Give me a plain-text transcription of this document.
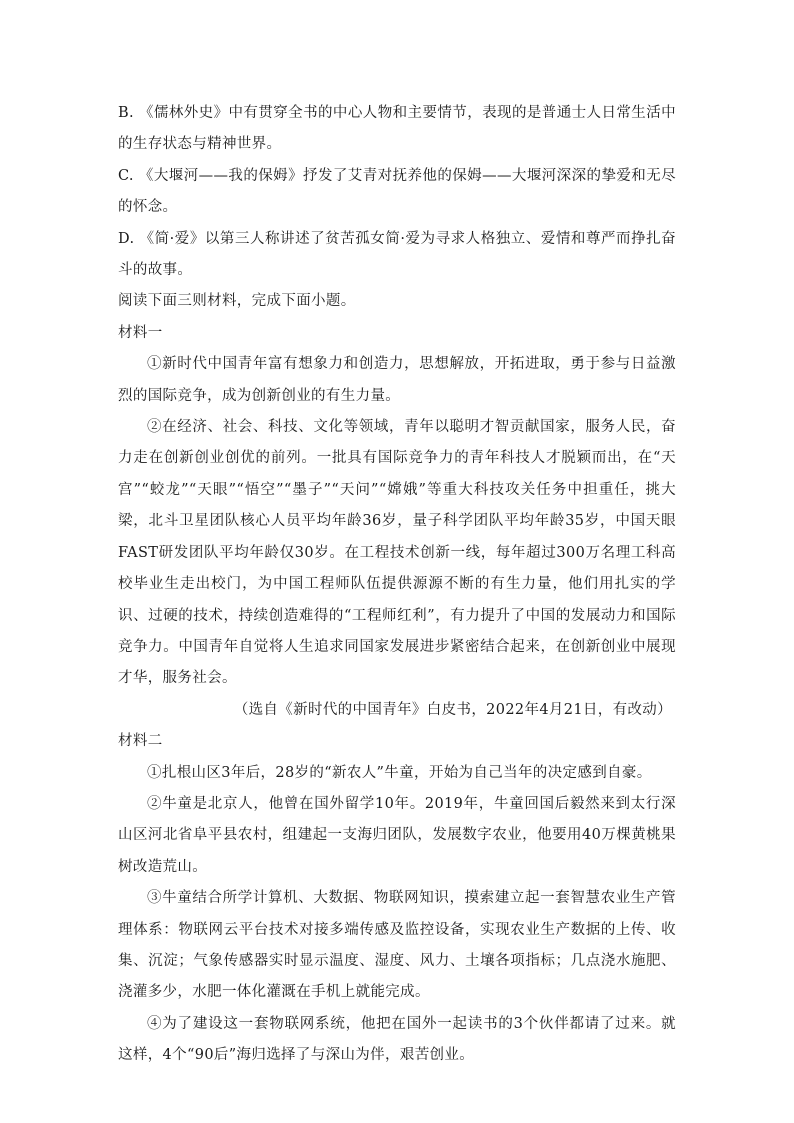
B. 《儒林外史》中有贯穿全书的中心人物和主要情节，表现的是普通士人日常生活中的生存状态与精神世界。

C. 《大堰河——我的保姆》抒发了艾青对抚养他的保姆——大堰河深深的挚爱和无尽的怀念。

D. 《简·爱》以第三人称讲述了贫苦孤女简·爱为寻求人格独立、爱情和尊严而挣扎奋斗的故事。

阅读下面三则材料，完成下面小题。
材料一

①新时代中国青年富有想象力和创造力，思想解放，开拓进取，勇于参与日益激烈的国际竞争，成为创新创业的有生力量。

②在经济、社会、科技、文化等领域，青年以聪明才智贡献国家，服务人民，奋力走在创新创业创优的前列。一批具有国际竞争力的青年科技人才脱颖而出，在“天宫”“蛟龙”“天眼”“悟空”“墨子”“天问”“嫦娥”等重大科技攻关任务中担重任，挑大梁，北斗卫星团队核心人员平均年龄36岁，量子科学团队平均年龄35岁，中国天眼FAST研发团队平均年龄仅30岁。在工程技术创新一线，每年超过300万名理工科高校毕业生走出校门，为中国工程师队伍提供源源不断的有生力量，他们用扎实的学识、过硬的技术，持续创造难得的“工程师红利”，有力提升了中国的发展动力和国际竞争力。中国青年自觉将人生追求同国家发展进步紧密结合起来，在创新创业中展现才华，服务社会。

（选自《新时代的中国青年》白皮书，2022年4月21日，有改动）
材料二

①扎根山区3年后，28岁的“新农人”牛童，开始为自己当年的决定感到自豪。

②牛童是北京人，他曾在国外留学10年。2019年，牛童回国后毅然来到太行深山区河北省阜平县农村，组建起一支海归团队，发展数字农业，他要用40万棵黄桃果树改造荒山。

③牛童结合所学计算机、大数据、物联网知识，摸索建立起一套智慧农业生产管理体系：物联网云平台技术对接多端传感及监控设备，实现农业生产数据的上传、收集、沉淀；气象传感器实时显示温度、湿度、风力、土壤各项指标；几点浇水施肥、浇灌多少，水肥一体化灌溉在手机上就能完成。

④为了建设这一套物联网系统，他把在国外一起读书的3个伙伴都请了过来。就这样，4个“90后”海归选择了与深山为伴，艰苦创业。
